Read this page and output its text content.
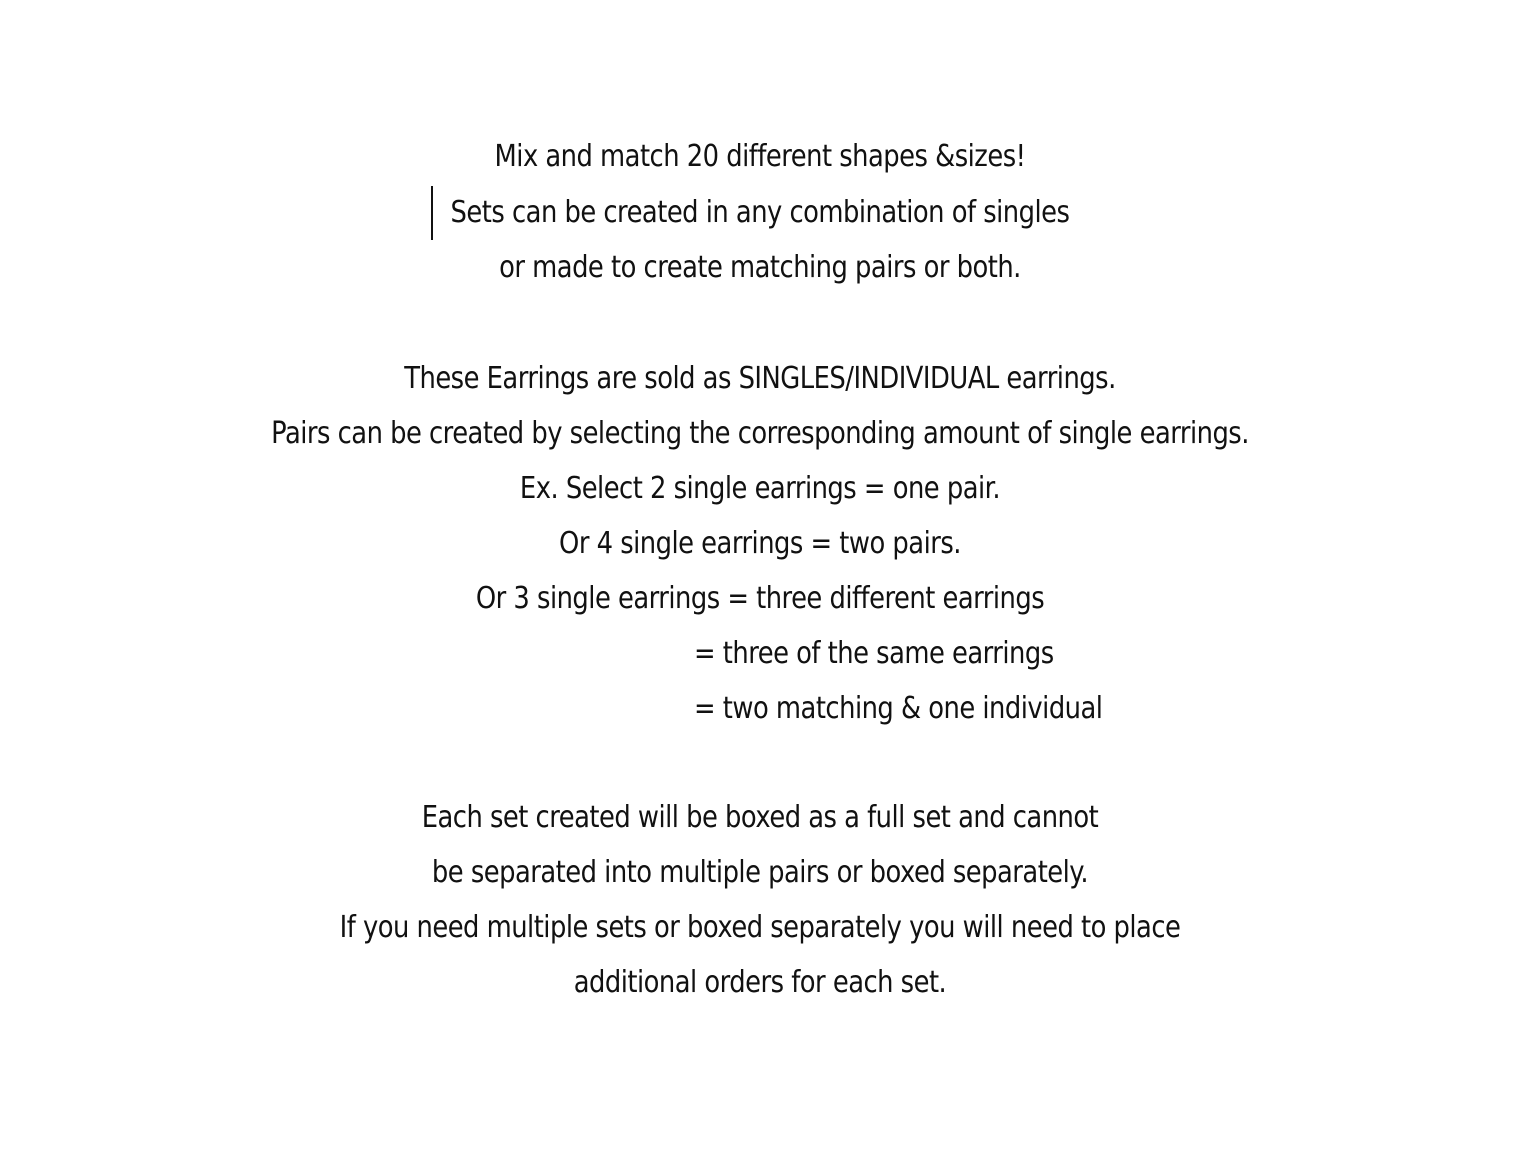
Mix and match 20 different shapes &sizes!
Sets can be created in any combination of singles
or made to create matching pairs or both.
These Earrings are sold as SINGLES/INDIVIDUAL earrings.
Pairs can be created by selecting the corresponding amount of single earrings.
Ex. Select 2 single earrings = one pair.
Or 4 single earrings = two pairs.
Or 3 single earrings = three different earrings
= three of the same earrings
= two matching & one individual
Each set created will be boxed as a full set and cannot
be separated into multiple pairs or boxed separately.
If you need multiple sets or boxed separately you will need to place
additional orders for each set.
